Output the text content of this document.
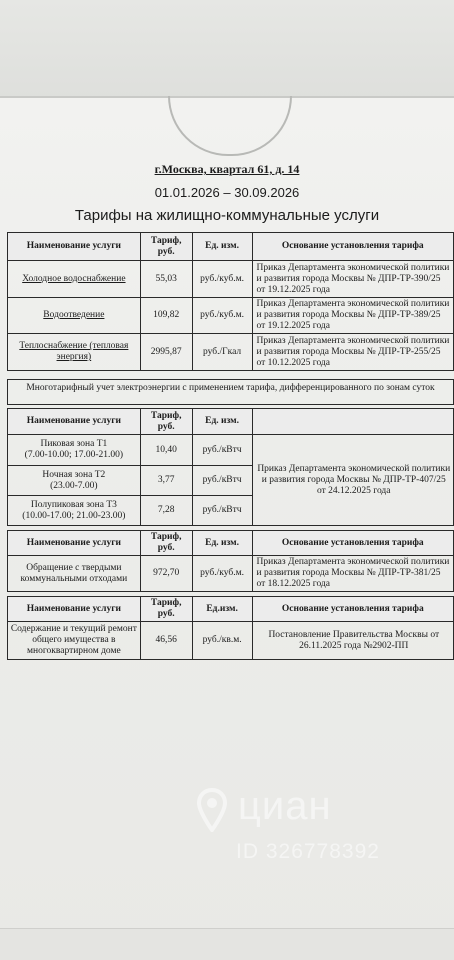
г.Москва, квартал 61, д. 14
01.01.2026 – 30.09.2026
Тарифы на жилищно-коммунальные услуги
Наименование услуги	Тариф, руб.	Ед. изм.	Основание установления тарифа
Холодное водоснабжение	55,03	руб./куб.м.	Приказ Департамента экономической политики и развития города Москвы № ДПР-ТР-390/25 от 19.12.2025 года
Водоотведение	109,82	руб./куб.м.	Приказ Департамента экономической политики и развития города Москвы № ДПР-ТР-389/25 от 19.12.2025 года
Теплоснабжение (тепловая энергия)	2995,87	руб./Гкал	Приказ Департамента экономической политики и развития города Москвы № ДПР-ТР-255/25 от 10.12.2025 года
Многотарифный учет электроэнергии с применением тарифа, дифференцированного по зонам суток
Наименование услуги	Тариф, руб.	Ед. изм.	

Пиковая зона Т1
(7.00-10.00; 17.00-21.00)	10,40	руб./кВтч	Приказ Департамента экономической политики и развития города Москвы № ДПР-ТР-407/25 от 24.12.2025 года

Ночная зона Т2
(23.00-7.00)	3,77	руб./кВтч	

Полупиковая зона Т3
(10.00-17.00; 21.00-23.00)	7,28	руб./кВтч	
Наименование услуги	Тариф, руб.	Ед. изм.	Основание установления тарифа
Обращение с твердыми коммунальными отходами	972,70	руб./куб.м.	Приказ Департамента экономической политики и развития города Москвы № ДПР-ТР-381/25 от 18.12.2025 года
Наименование услуги	Тариф, руб.	Ед.изм.	Основание установления тарифа
Содержание и текущий ремонт общего имущества в многоквартирном доме	46,56	руб./кв.м.	Постановление Правительства Москвы от 26.11.2025 года №2902-ПП
циан
ID 326778392
